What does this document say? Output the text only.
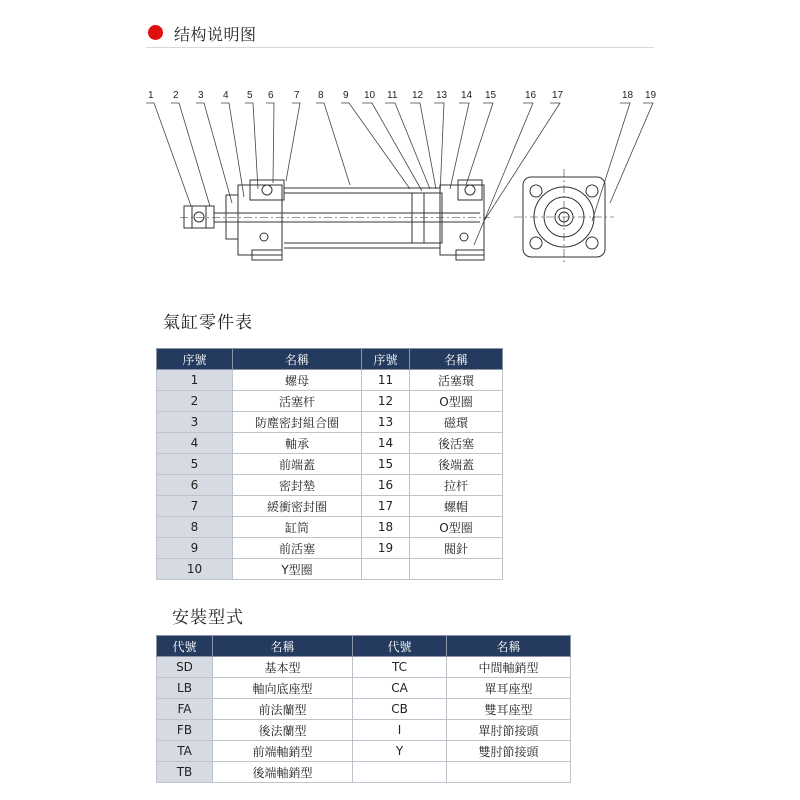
结构说明图
1 2 3 4 5 6 7 8 9 10 11 12 13 14 15	16 17	18 19
氣缸零件表
序號	名稱	序號	名稱
1	螺母	11	活塞環
2	活塞杆	12	O型圈
3	防塵密封組合圈	13	磁環
4	軸承	14	後活塞
5	前端蓋	15	後端蓋
6	密封墊	16	拉杆
7	緩衝密封圈	17	螺帽
8	缸筒	18	O型圈
9	前活塞	19	閥針
10	Y型圈		
安裝型式
代號	名稱	代號	名稱
SD	基本型	TC	中間軸銷型
LB	軸向底座型	CA	單耳座型
FA	前法蘭型	CB	雙耳座型
FB	後法蘭型	I	單肘節接頭
TA	前端軸銷型	Y	雙肘節接頭
TB	後端軸銷型		
